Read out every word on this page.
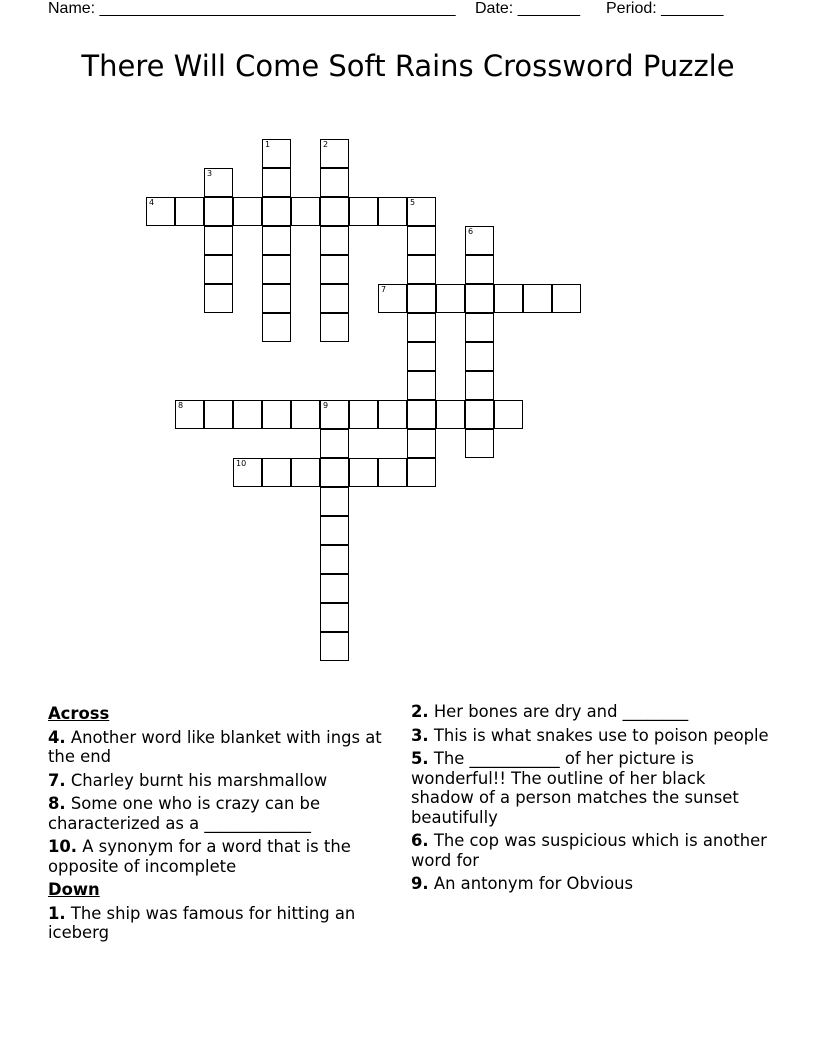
Name: ________________________________________ Date: _______ Period: _______
There Will Come Soft Rains Crossword Puzzle
1	2
3
4	5
6
7
8	9
10
Across
4. Another word like blanket with ings at the end
7. Charley burnt his marshmallow
8. Some one who is crazy can be characterized as a _____________
10. A synonym for a word that is the opposite of incomplete
Down
1. The ship was famous for hitting an iceberg
2. Her bones are dry and ________
3. This is what snakes use to poison people
5. The ___________ of her picture is wonderful!! The outline of her black shadow of a person matches the sunset beautifully
6. The cop was suspicious which is another word for
9. An antonym for Obvious
